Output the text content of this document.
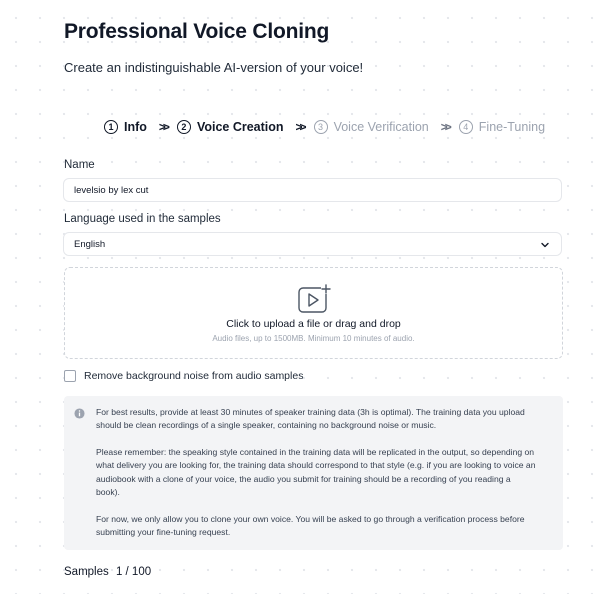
Professional Voice Cloning
Create an indistinguishable AI-version of your voice!
1 Info >>	2 Voice Creation >>	3 Voice Verification >>	4 Fine-Tuning
Name
levelsio by lex cut
Language used in the samples
English
Click to upload a file or drag and drop
Audio files, up to 1500MB. Minimum 10 minutes of audio.
Remove background noise from audio samples

For best results, provide at least 30 minutes of speaker training data (3h is optimal). The training data you upload should be clean recordings of a single speaker, containing no background noise or music.

Please remember: the speaking style contained in the training data will be replicated in the output, so depending on what delivery you are looking for, the training data should correspond to that style (e.g. if you are looking to voice an audiobook with a clone of your voice, the audio you submit for training should be a recording of you reading a book).

For now, we only allow you to clone your own voice. You will be asked to go through a verification process before submitting your fine-tuning request.

Samples 1 / 100
